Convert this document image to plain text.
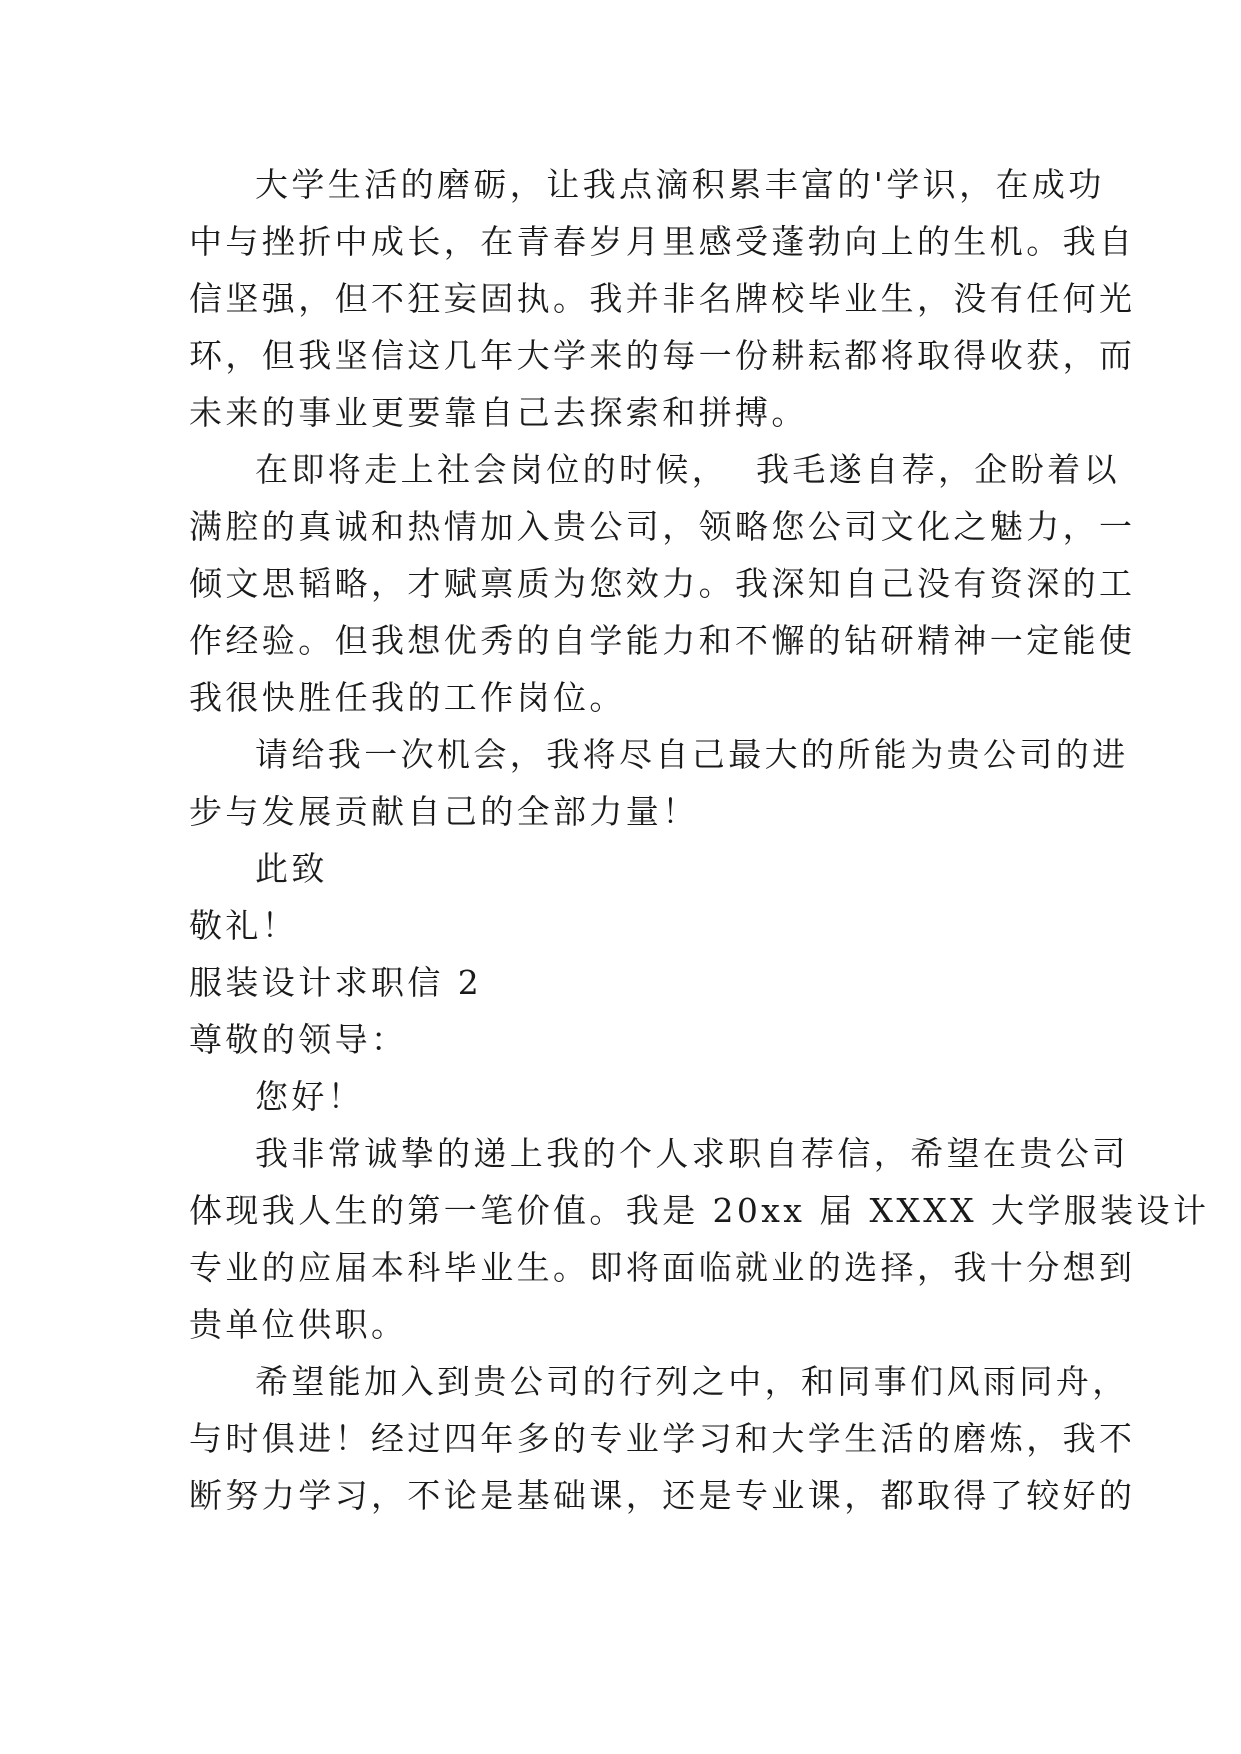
大学生活的磨砺，让我点滴积累丰富的'学识，在成功
中与挫折中成长，在青春岁月里感受蓬勃向上的生机。我自
信坚强，但不狂妄固执。我并非名牌校毕业生，没有任何光
环，但我坚信这几年大学来的每一份耕耘都将取得收获，而
未来的事业更要靠自己去探索和拼搏。
在即将走上社会岗位的时候，  我毛遂自荐，企盼着以
满腔的真诚和热情加入贵公司，领略您公司文化之魅力，一
倾文思韬略，才赋禀质为您效力。我深知自己没有资深的工
作经验。但我想优秀的自学能力和不懈的钻研精神一定能使
我很快胜任我的工作岗位。
请给我一次机会，我将尽自己最大的所能为贵公司的进
步与发展贡献自己的全部力量！
此致
敬礼！
服装设计求职信 2
尊敬的领导：
您好！
我非常诚挚的递上我的个人求职自荐信，希望在贵公司
体现我人生的第一笔价值。我是 20xx 届 XXXX 大学服装设计
专业的应届本科毕业生。即将面临就业的选择，我十分想到
贵单位供职。
希望能加入到贵公司的行列之中，和同事们风雨同舟，
与时俱进！经过四年多的专业学习和大学生活的磨炼，我不
断努力学习，不论是基础课，还是专业课，都取得了较好的
